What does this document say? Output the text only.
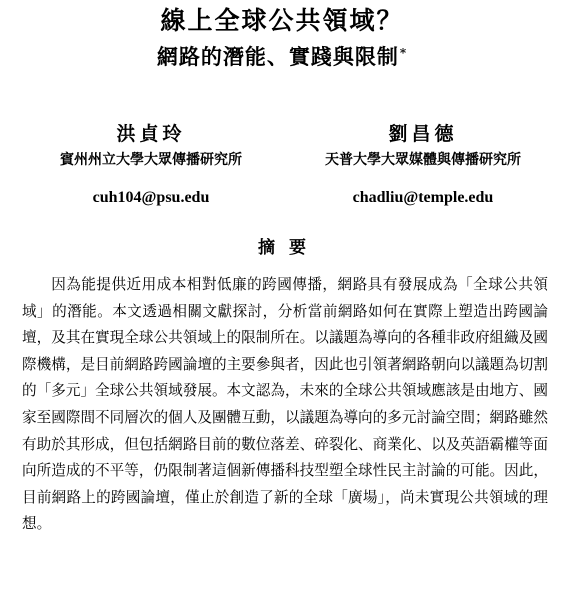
線上全球公共領域？
網路的潛能、實踐與限制*
洪貞玲
賓州州立大學大眾傳播研究所
cuh104@psu.edu
劉昌德
天普大學大眾媒體與傳播研究所
chadliu@temple.edu
摘要

因為能提供近用成本相對低廉的跨國傳播，網路具有發展成為「全球公共領域」的潛能。本文透過相關文獻探討，分析當前網路如何在實際上塑造出跨國論壇，及其在實現全球公共領域上的限制所在。以議題為導向的各種非政府組織及國際機構，是目前網路跨國論壇的主要參與者，因此也引領著網路朝向以議題為切割的「多元」全球公共領域發展。本文認為，未來的全球公共領域應該是由地方、國家至國際間不同層次的個人及團體互動，以議題為導向的多元討論空間；網路雖然有助於其形成，但包括網路目前的數位落差、碎裂化、商業化、以及英語霸權等面向所造成的不平等，仍限制著這個新傳播科技型塑全球性民主討論的可能。因此，目前網路上的跨國論壇，僅止於創造了新的全球「廣場」，尚未實現公共領域的理想。
